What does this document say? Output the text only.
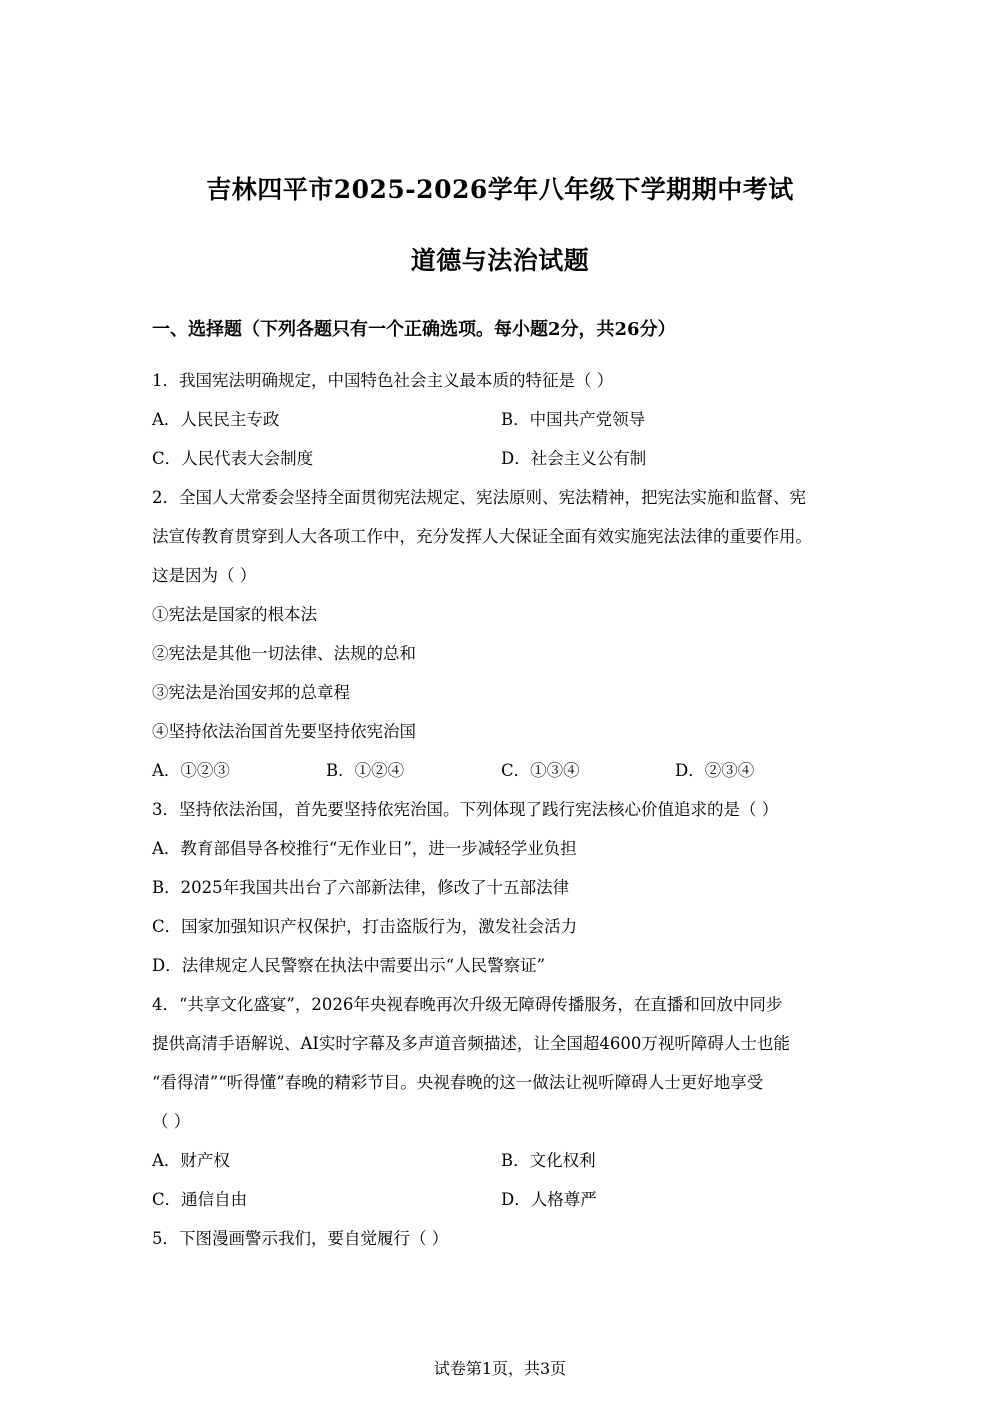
吉林四平市2025-2026学年八年级下学期期中考试
道德与法治试题
一、选择题（下列各题只有一个正确选项。每小题2分，共26分）
1．我国宪法明确规定，中国特色社会主义最本质的特征是（ ）
A．人民民主专政	B．中国共产党领导
C．人民代表大会制度	D．社会主义公有制
2．全国人大常委会坚持全面贯彻宪法规定、宪法原则、宪法精神，把宪法实施和监督、宪
法宣传教育贯穿到人大各项工作中，充分发挥人大保证全面有效实施宪法法律的重要作用。
这是因为（ ）
①宪法是国家的根本法
②宪法是其他一切法律、法规的总和
③宪法是治国安邦的总章程
④坚持依法治国首先要坚持依宪治国
A．①②③	B．①②④	C．①③④	D．②③④
3．坚持依法治国，首先要坚持依宪治国。下列体现了践行宪法核心价值追求的是（ ）
A．教育部倡导各校推行“无作业日”，进一步减轻学业负担
B．2025年我国共出台了六部新法律，修改了十五部法律
C．国家加强知识产权保护，打击盗版行为，激发社会活力
D．法律规定人民警察在执法中需要出示“人民警察证”
4．“共享文化盛宴”，2026年央视春晚再次升级无障碍传播服务，在直播和回放中同步
提供高清手语解说、AI实时字幕及多声道音频描述，让全国超4600万视听障碍人士也能
“看得清”“听得懂”春晚的精彩节目。央视春晚的这一做法让视听障碍人士更好地享受
（ ）
A．财产权	B．文化权利
C．通信自由	D．人格尊严
5．下图漫画警示我们，要自觉履行（ ）
试卷第1页，共3页
